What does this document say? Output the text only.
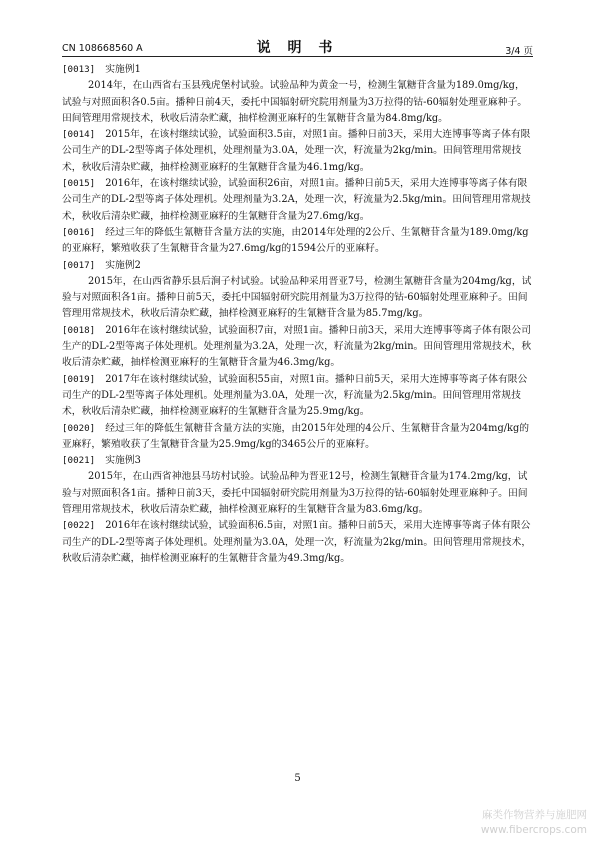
CN 108668560 A	说 明 书	3/4 页

[0013] 实施例1

2014年，在山西省右玉县残虎堡村试验。试验品种为黄金一号，检测生氰糖苷含量为189.0mg/kg，试验与对照面积各0.5亩。播种日前4天，委托中国辐射研究院用剂量为3万拉得的钴-60辐射处理亚麻种子。田间管理用常规技术，秋收后清杂贮藏，抽样检测亚麻籽的生氰糖苷含量为84.8mg/kg。

[0014] 2015年，在该村继续试验，试验面积3.5亩，对照1亩。播种日前3天，采用大连博事等离子体有限公司生产的DL-2型等离子体处理机，处理剂量为3.0A，处理一次，籽流量为2kg/min。田间管理用常规技术，秋收后清杂贮藏，抽样检测亚麻籽的生氰糖苷含量为46.1mg/kg。

[0015] 2016年，在该村继续试验，试验面积26亩，对照1亩。播种日前5天，采用大连博事等离子体有限公司生产的DL-2型等离子体处理机。处理剂量为3.2A，处理一次，籽流量为2.5kg/min。田间管理用常规技术，秋收后清杂贮藏，抽样检测亚麻籽的生氰糖苷含量为27.6mg/kg。

[0016] 经过三年的降低生氰糖苷含量方法的实施，由2014年处理的2公斤、生氰糖苷含量为189.0mg/kg的亚麻籽，繁殖收获了生氰糖苷含量为27.6mg/kg的1594公斤的亚麻籽。

[0017] 实施例2

2015年，在山西省静乐县后涧子村试验。试验品种采用晋亚7号，检测生氰糖苷含量为204mg/kg，试验与对照面积各1亩。播种日前5天，委托中国辐射研究院用剂量为3万拉得的钴-60辐射处理亚麻种子。田间管理用常规技术，秋收后清杂贮藏，抽样检测亚麻籽的生氰糖苷含量为85.7mg/kg。

[0018] 2016年在该村继续试验，试验面积7亩，对照1亩。播种日前3天，采用大连博事等离子体有限公司生产的DL-2型等离子体处理机。处理剂量为3.2A，处理一次，籽流量为2kg/min。田间管理用常规技术，秋收后清杂贮藏，抽样检测亚麻籽的生氰糖苷含量为46.3mg/kg。

[0019] 2017年在该村继续试验，试验面积55亩，对照1亩。播种日前5天，采用大连博事等离子体有限公司生产的DL-2型等离子体处理机。处理剂量为3.0A，处理一次，籽流量为2.5kg/min。田间管理用常规技术，秋收后清杂贮藏，抽样检测亚麻籽的生氰糖苷含量为25.9mg/kg。

[0020] 经过三年的降低生氰糖苷含量方法的实施，由2015年处理的4公斤、生氰糖苷含量为204mg/kg的亚麻籽，繁殖收获了生氰糖苷含量为25.9mg/kg的3465公斤的亚麻籽。

[0021] 实施例3

2015年，在山西省神池县马坊村试验。试验品种为晋亚12号，检测生氰糖苷含量为174.2mg/kg，试验与对照面积各1亩。播种日前3天，委托中国辐射研究院用剂量为3万拉得的钴-60辐射处理亚麻种子。田间管理用常规技术，秋收后清杂贮藏，抽样检测亚麻籽的生氰糖苷含量为83.6mg/kg。

[0022] 2016年在该村继续试验，试验面积6.5亩，对照1亩。播种日前5天，采用大连博事等离子体有限公司生产的DL-2型等离子体处理机。处理剂量为3.0A，处理一次，籽流量为2kg/min。田间管理用常规技术，秋收后清杂贮藏，抽样检测亚麻籽的生氰糖苷含量为49.3mg/kg。

5
麻类作物营养与施肥网
www.fibercrops.com
